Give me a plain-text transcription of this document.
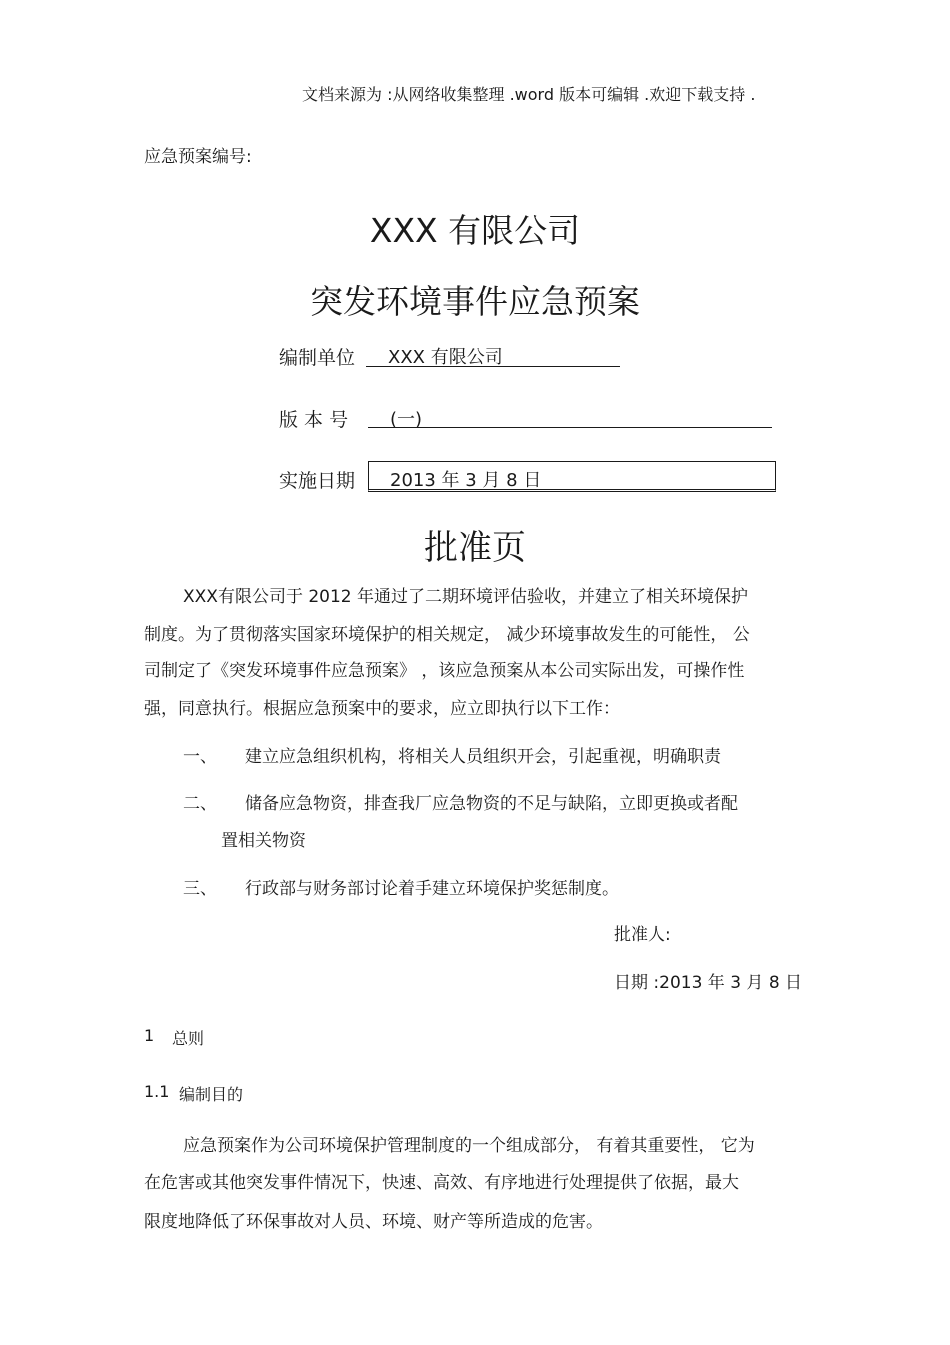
文档来源为 :从网络收集整理 .word 版本可编辑 .欢迎下载支持 .
应急预案编号:
XXX 有限公司
突发环境事件应急预案
编制单位 XXX 有限公司
版 本 号 (一)
实施日期 2013 年 3 月 8 日
批准页
XXX有限公司于 2012 年通过了二期环境评估验收，并建立了相关环境保护
制度。为了贯彻落实国家环境保护的相关规定， 减少环境事故发生的可能性， 公
司制定了《突发环境事件应急预案》 ，该应急预案从本公司实际出发，可操作性
强，同意执行。根据应急预案中的要求，应立即执行以下工作：
一、 建立应急组织机构，将相关人员组织开会，引起重视，明确职责
二、 储备应急物资，排查我厂应急物资的不足与缺陷，立即更换或者配
置相关物资
三、 行政部与财务部讨论着手建立环境保护奖惩制度。
批准人:
日期 :2013 年 3 月 8 日
1 总则
1.1 编制目的
应急预案作为公司环境保护管理制度的一个组成部分， 有着其重要性， 它为
在危害或其他突发事件情况下，快速、高效、有序地进行处理提供了依据，最大
限度地降低了环保事故对人员、环境、财产等所造成的危害。
